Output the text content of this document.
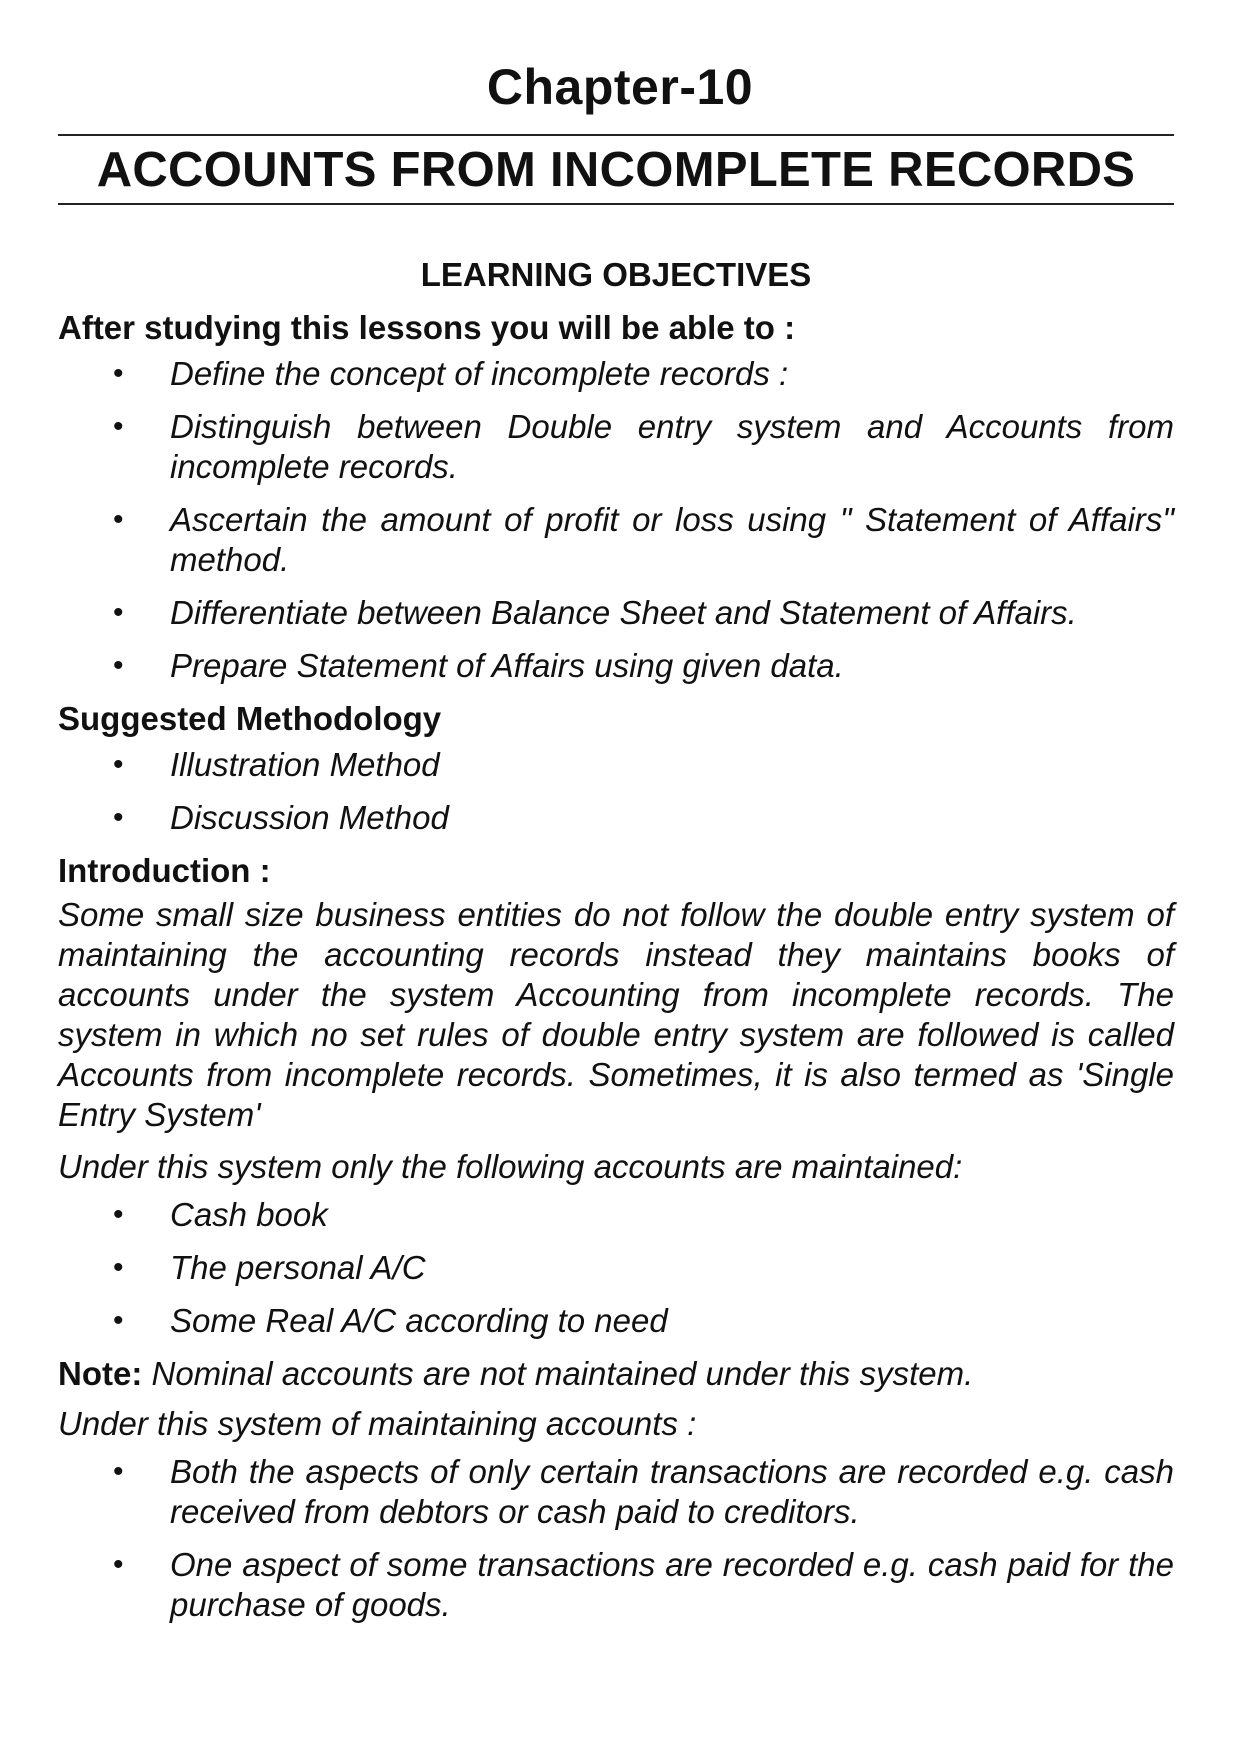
Chapter-10
ACCOUNTS FROM INCOMPLETE RECORDS
LEARNING OBJECTIVES
After studying this lessons you will be able to :
• Define the concept of incomplete records :
• Distinguish between Double entry system and Accounts from incomplete records.
• Ascertain the amount of profit or loss using " Statement of Affairs" method.
• Differentiate between Balance Sheet and Statement of Affairs.
• Prepare Statement of Affairs using given data.
Suggested Methodology
• Illustration Method
• Discussion Method
Introduction :
Some small size business entities do not follow the double entry system of maintaining the accounting records instead they maintains books of accounts under the system Accounting from incomplete records. The system in which no set rules of double entry system are followed is called Accounts from incomplete records. Sometimes, it is also termed as 'Single Entry System'
Under this system only the following accounts are maintained:
• Cash book
• The personal A/C
• Some Real A/C according to need
Note: Nominal accounts are not maintained under this system.
Under this system of maintaining accounts :
• Both the aspects of only certain transactions are recorded e.g. cash received from debtors or cash paid to creditors.
• One aspect of some transactions are recorded e.g. cash paid for the purchase of goods.
